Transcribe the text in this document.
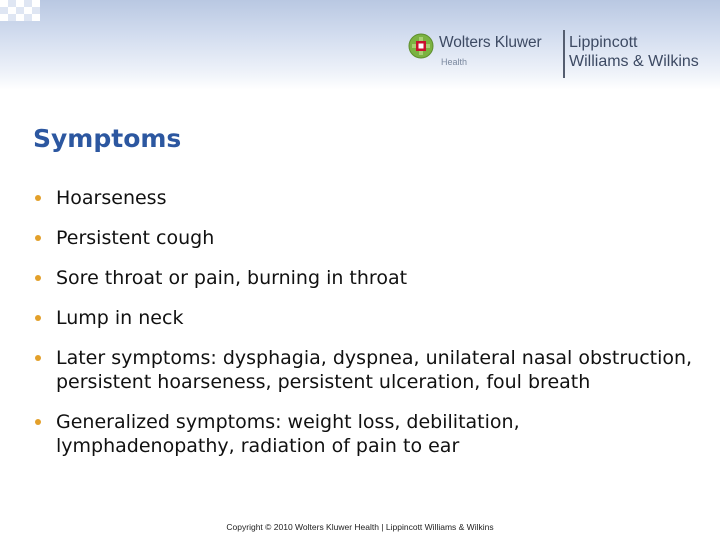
Wolters Kluwer
Health
Lippincott
Williams & Wilkins
Symptoms
Hoarseness
Persistent cough
Sore throat or pain, burning in throat
Lump in neck
Later symptoms: dysphagia, dyspnea, unilateral nasal obstruction, persistent hoarseness, persistent ulceration, foul breath
Generalized symptoms: weight loss, debilitation, lymphadenopathy, radiation of pain to ear
Copyright © 2010 Wolters Kluwer Health | Lippincott Williams & Wilkins
